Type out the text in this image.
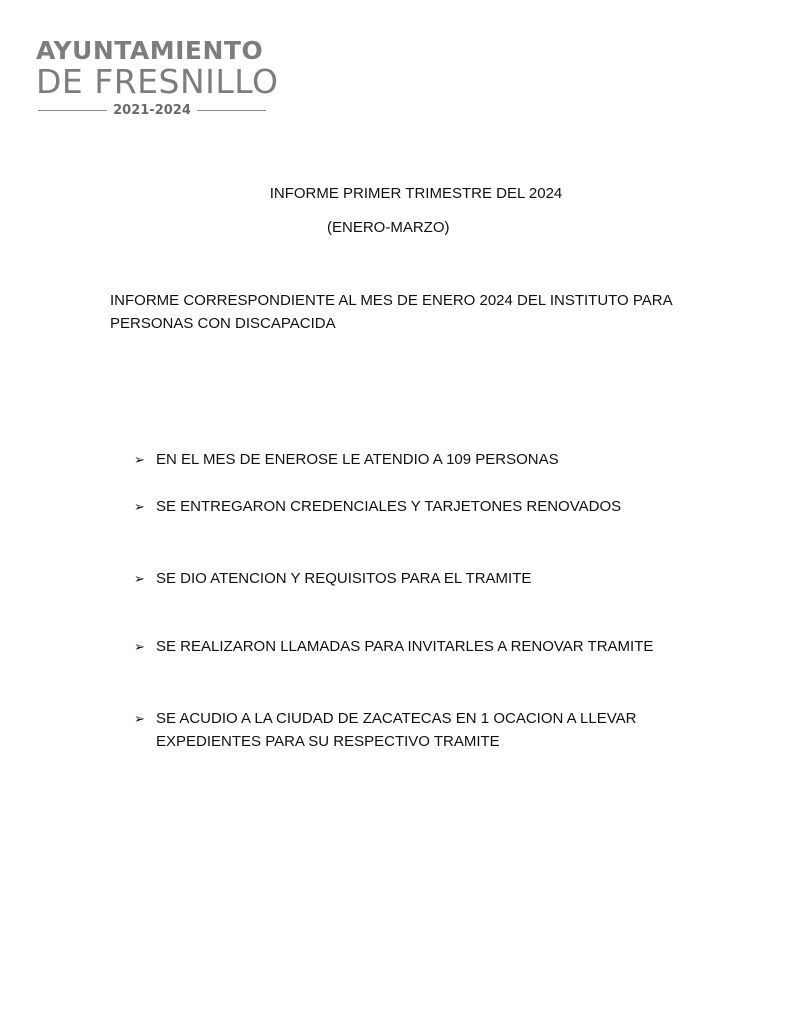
AYUNTAMIENTO
DE FRESNILLO
2021-2024
INFORME PRIMER TRIMESTRE DEL 2024
(ENERO-MARZO)
INFORME CORRESPONDIENTE AL MES DE ENERO 2024 DEL INSTITUTO PARA PERSONAS CON DISCAPACIDA
➢ EN EL MES DE ENEROSE LE ATENDIO A 109 PERSONAS
➢ SE ENTREGARON CREDENCIALES Y TARJETONES RENOVADOS
➢ SE DIO ATENCION Y REQUISITOS PARA EL TRAMITE
➢ SE REALIZARON LLAMADAS PARA INVITARLES A RENOVAR TRAMITE
➢ SE ACUDIO A LA CIUDAD DE ZACATECAS EN 1 OCACION A LLEVAR EXPEDIENTES PARA SU RESPECTIVO TRAMITE
